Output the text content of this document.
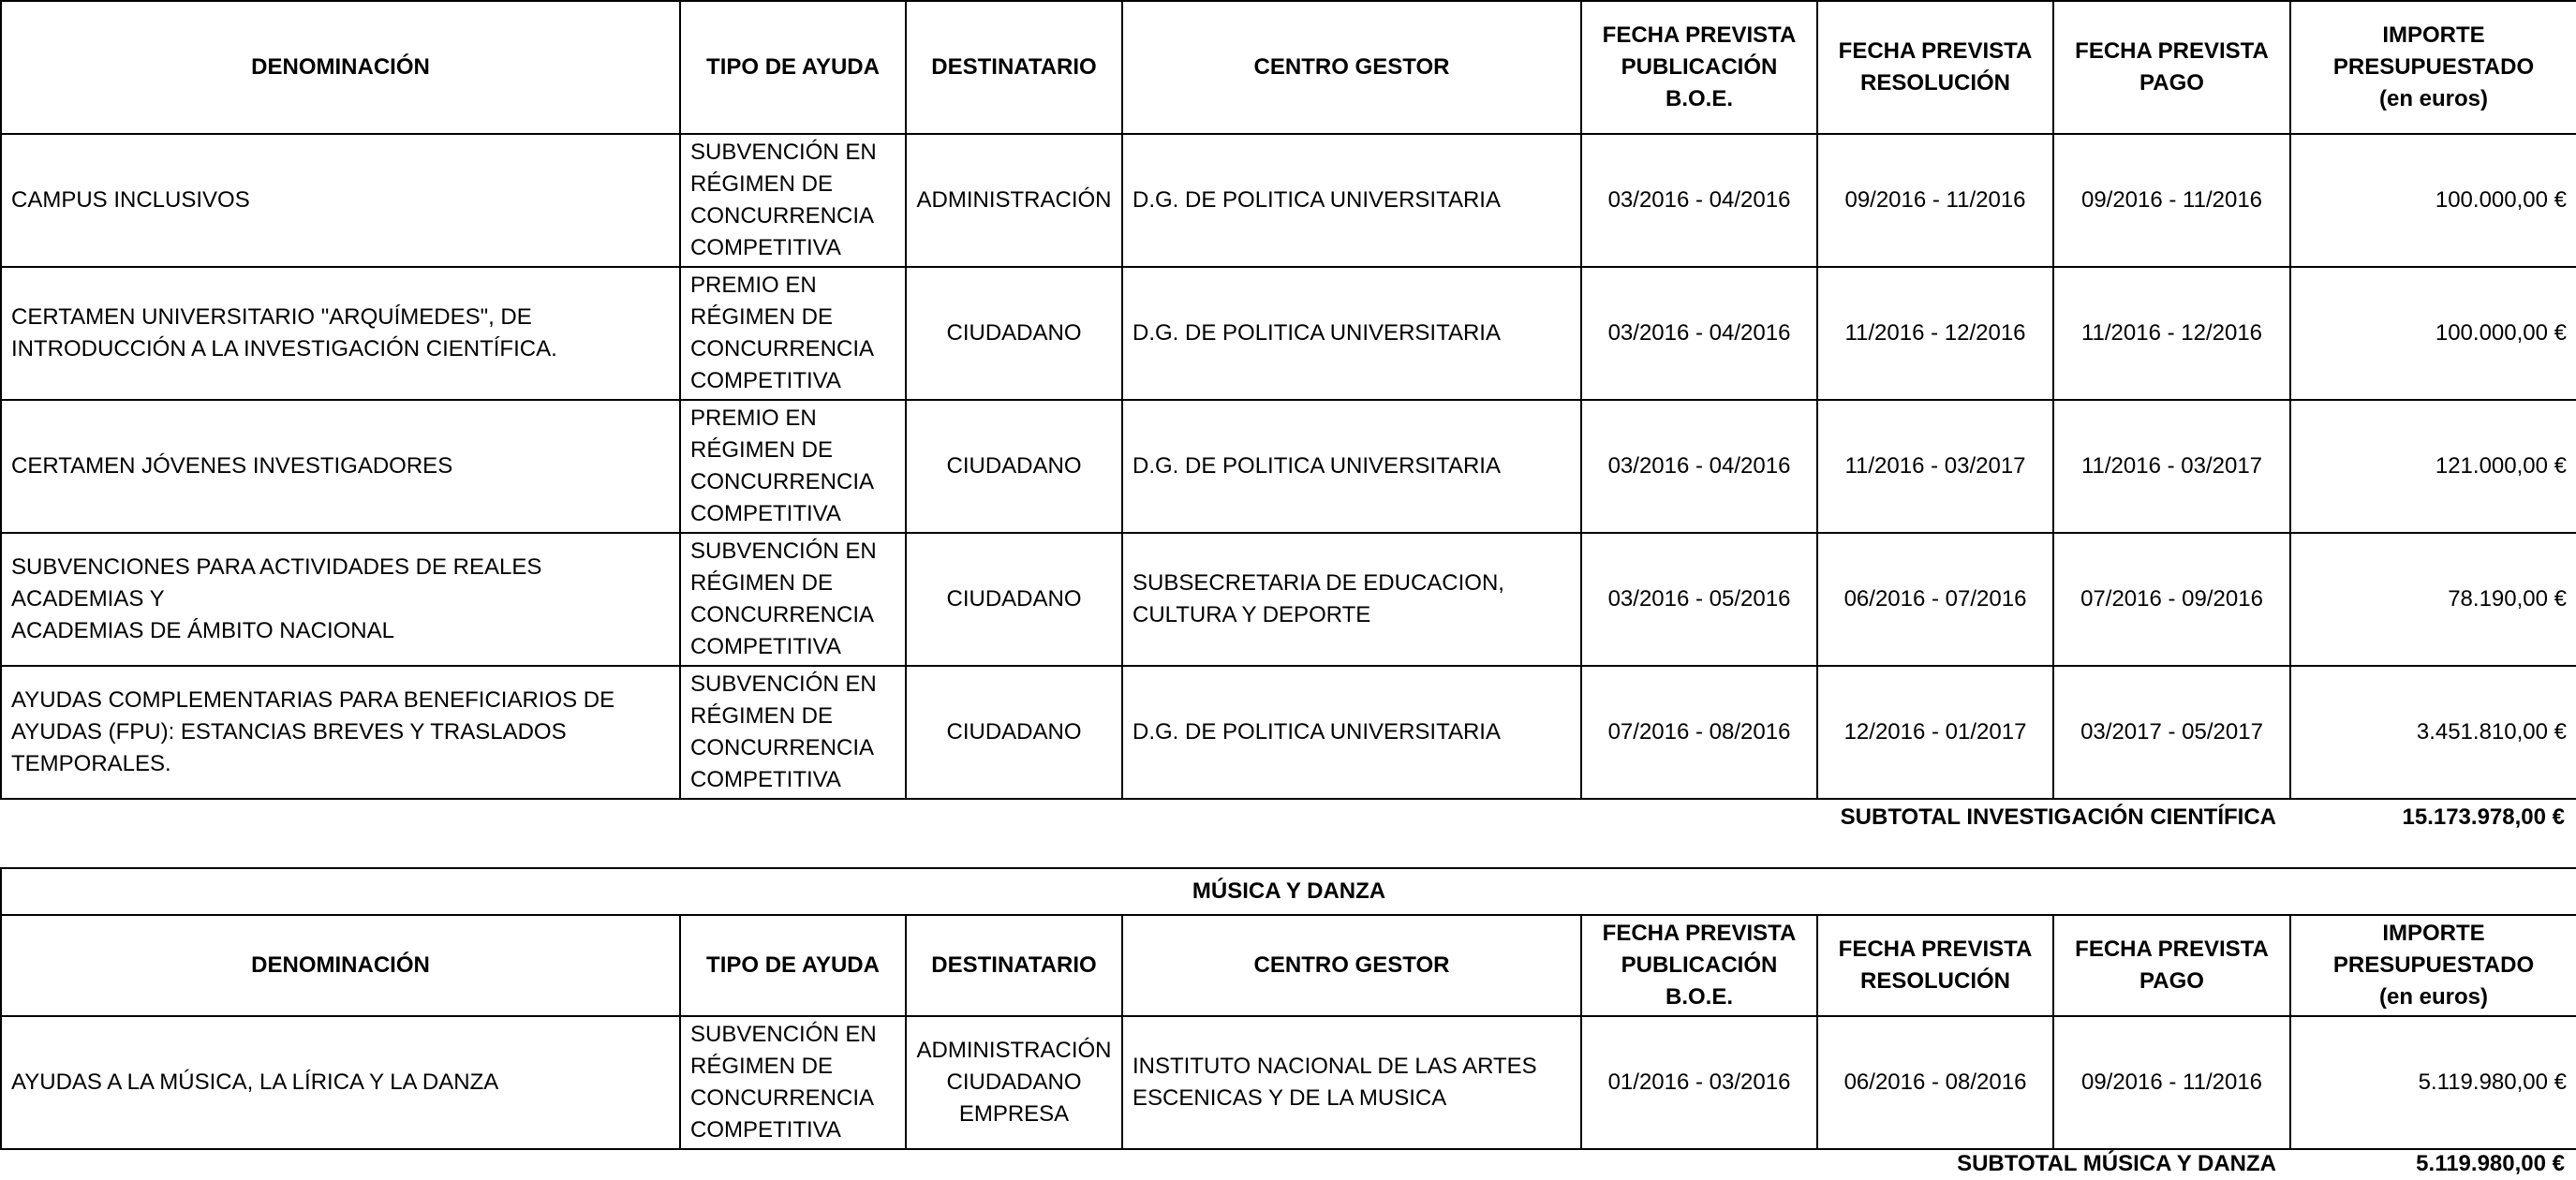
DENOMINACIÓN	TIPO DE AYUDA	DESTINATARIO	CENTRO GESTOR	FECHA PREVISTA
PUBLICACIÓN
B.O.E.	FECHA PREVISTA
RESOLUCIÓN	FECHA PREVISTA
PAGO	IMPORTE
PRESUPUESTADO
(en euros)

CAMPUS INCLUSIVOS	SUBVENCIÓN EN
RÉGIMEN DE
CONCURRENCIA
COMPETITIVA	ADMINISTRACIÓN	D.G. DE POLITICA UNIVERSITARIA	03/2016 - 04/2016	09/2016 - 11/2016	09/2016 - 11/2016	100.000,00 €

CERTAMEN UNIVERSITARIO "ARQUÍMEDES", DE
INTRODUCCIÓN A LA INVESTIGACIÓN CIENTÍFICA.	PREMIO EN
RÉGIMEN DE
CONCURRENCIA
COMPETITIVA	CIUDADANO	D.G. DE POLITICA UNIVERSITARIA	03/2016 - 04/2016	11/2016 - 12/2016	11/2016 - 12/2016	100.000,00 €

CERTAMEN JÓVENES INVESTIGADORES	PREMIO EN
RÉGIMEN DE
CONCURRENCIA
COMPETITIVA	CIUDADANO	D.G. DE POLITICA UNIVERSITARIA	03/2016 - 04/2016	11/2016 - 03/2017	11/2016 - 03/2017	121.000,00 €

SUBVENCIONES PARA ACTIVIDADES DE REALES ACADEMIAS Y
ACADEMIAS DE ÁMBITO NACIONAL	SUBVENCIÓN EN
RÉGIMEN DE
CONCURRENCIA
COMPETITIVA	CIUDADANO	SUBSECRETARIA DE EDUCACION,
CULTURA Y DEPORTE	03/2016 - 05/2016	06/2016 - 07/2016	07/2016 - 09/2016	78.190,00 €

AYUDAS COMPLEMENTARIAS PARA BENEFICIARIOS DE
AYUDAS (FPU): ESTANCIAS BREVES Y TRASLADOS
TEMPORALES.	SUBVENCIÓN EN
RÉGIMEN DE
CONCURRENCIA
COMPETITIVA	CIUDADANO	D.G. DE POLITICA UNIVERSITARIA	07/2016 - 08/2016	12/2016 - 01/2017	03/2017 - 05/2017	3.451.810,00 €
SUBTOTAL INVESTIGACIÓN CIENTÍFICA	15.173.978,00 €
MÚSICA Y DANZA							
DENOMINACIÓN	TIPO DE AYUDA	DESTINATARIO	CENTRO GESTOR	FECHA PREVISTA
PUBLICACIÓN
B.O.E.	FECHA PREVISTA
RESOLUCIÓN	FECHA PREVISTA
PAGO	IMPORTE
PRESUPUESTADO
(en euros)

AYUDAS A LA MÚSICA, LA LÍRICA Y LA DANZA	SUBVENCIÓN EN
RÉGIMEN DE
CONCURRENCIA
COMPETITIVA	ADMINISTRACIÓN
CIUDADANO
EMPRESA	INSTITUTO NACIONAL DE LAS ARTES
ESCENICAS Y DE LA MUSICA	01/2016 - 03/2016	06/2016 - 08/2016	09/2016 - 11/2016	5.119.980,00 €
SUBTOTAL MÚSICA Y DANZA	5.119.980,00 €
